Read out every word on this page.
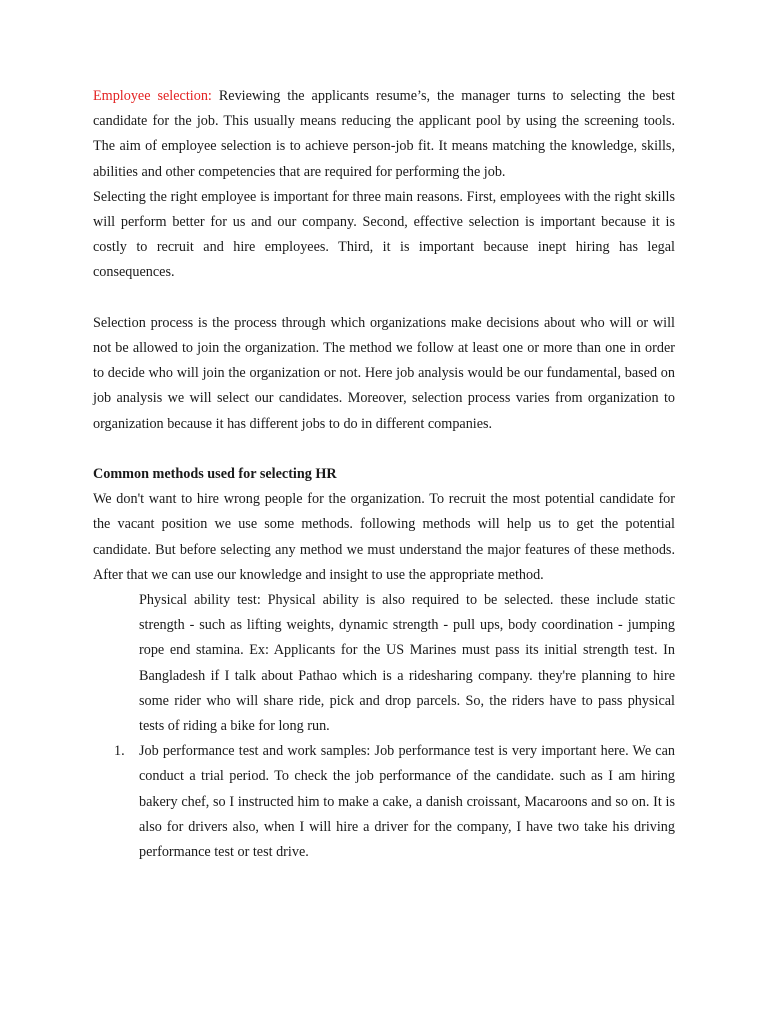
Employee selection: Reviewing the applicants resume’s, the manager turns to selecting the best candidate for the job. This usually means reducing the applicant pool by using the screening tools. The aim of employee selection is to achieve person-job fit. It means matching the knowledge, skills, abilities and other competencies that are required for performing the job.

Selecting the right employee is important for three main reasons. First, employees with the right skills will perform better for us and our company. Second, effective selection is important because it is costly to recruit and hire employees. Third, it is important because inept hiring has legal consequences.

Selection process is the process through which organizations make decisions about who will or will not be allowed to join the organization. The method we follow at least one or more than one in order to decide who will join the organization or not. Here job analysis would be our fundamental, based on job analysis we will select our candidates. Moreover, selection process varies from organization to organization because it has different jobs to do in different companies.

Common methods used for selecting HR

We don't want to hire wrong people for the organization. To recruit the most potential candidate for the vacant position we use some methods. following methods will help us to get the potential candidate. But before selecting any method we must understand the major features of these methods. After that we can use our knowledge and insight to use the appropriate method.

Physical ability test: Physical ability is also required to be selected. these include static strength - such as lifting weights, dynamic strength - pull ups, body coordination - jumping rope end stamina. Ex: Applicants for the US Marines must pass its initial strength test. In Bangladesh if I talk about Pathao which is a ridesharing company. they're planning to hire some rider who will share ride, pick and drop parcels. So, the riders have to pass physical tests of riding a bike for long run.

1. Job performance test and work samples: Job performance test is very important here. We can conduct a trial period. To check the job performance of the candidate. such as I am hiring bakery chef, so I instructed him to make a cake, a danish croissant, Macaroons and so on. It is also for drivers also, when I will hire a driver for the company, I have two take his driving performance test or test drive.
